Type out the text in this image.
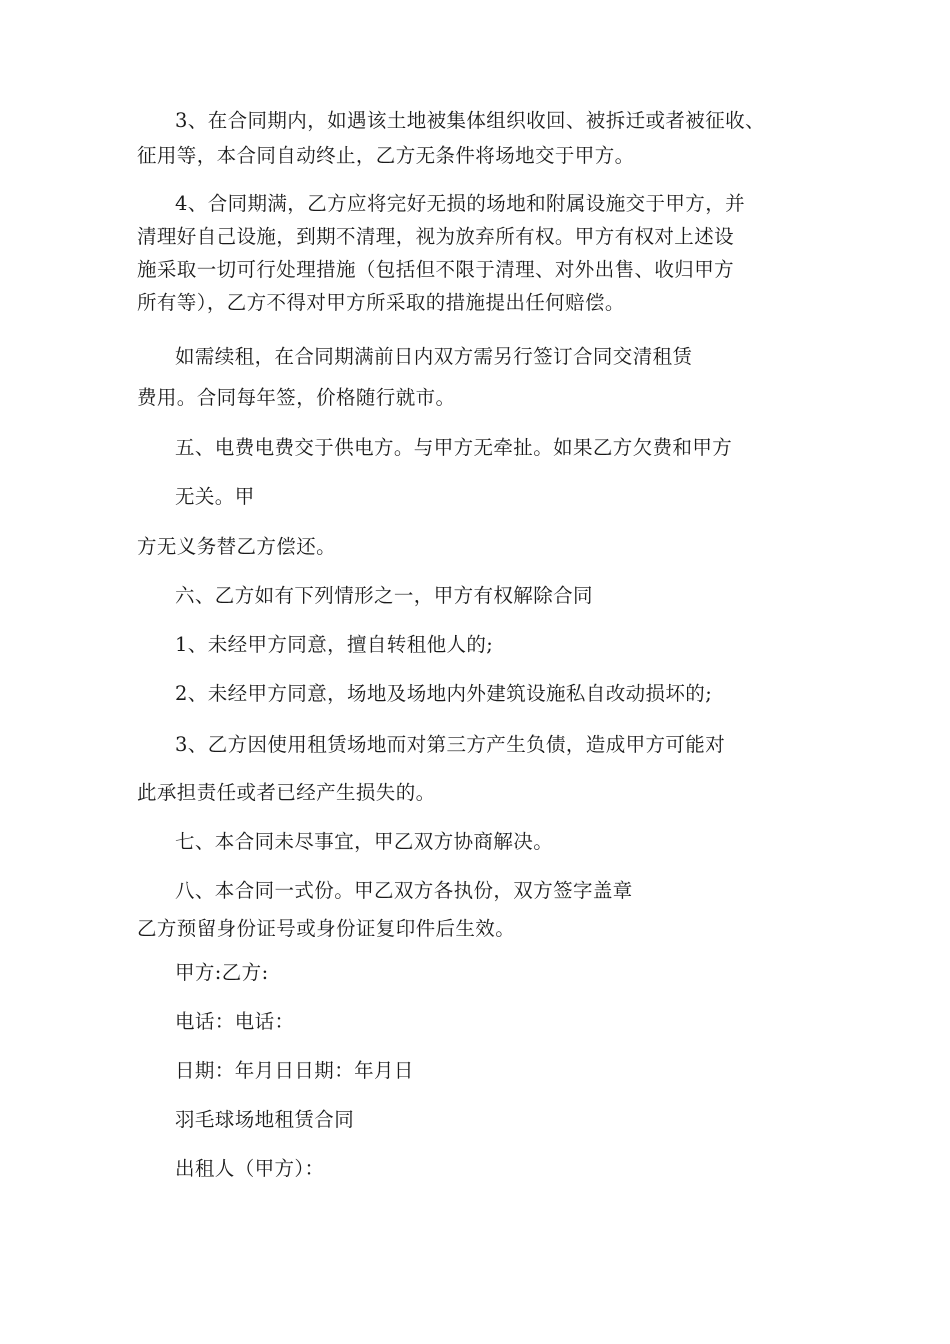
3、在合同期内，如遇该土地被集体组织收回、被拆迁或者被征收、
征用等，本合同自动终止，乙方无条件将场地交于甲方。
4、合同期满，乙方应将完好无损的场地和附属设施交于甲方，并
清理好自己设施，到期不清理，视为放弃所有权。甲方有权对上述设
施采取一切可行处理措施（包括但不限于清理、对外出售、收归甲方
所有等），乙方不得对甲方所采取的措施提出任何赔偿。
如需续租，在合同期满前日内双方需另行签订合同交清租赁
费用。合同每年签，价格随行就市。
五、电费电费交于供电方。与甲方无牵扯。如果乙方欠费和甲方
无关。甲
方无义务替乙方偿还。
六、乙方如有下列情形之一，甲方有权解除合同
1、未经甲方同意，擅自转租他人的;
2、未经甲方同意，场地及场地内外建筑设施私自改动损坏的;
3、乙方因使用租赁场地而对第三方产生负债，造成甲方可能对
此承担责任或者已经产生损失的。
七、本合同未尽事宜，甲乙双方协商解决。
八、本合同一式份。甲乙双方各执份，双方签字盖章
乙方预留身份证号或身份证复印件后生效。
甲方:乙方:
电话：电话：
日期：年月日日期：年月日
羽毛球场地租赁合同
出租人（甲方）：
